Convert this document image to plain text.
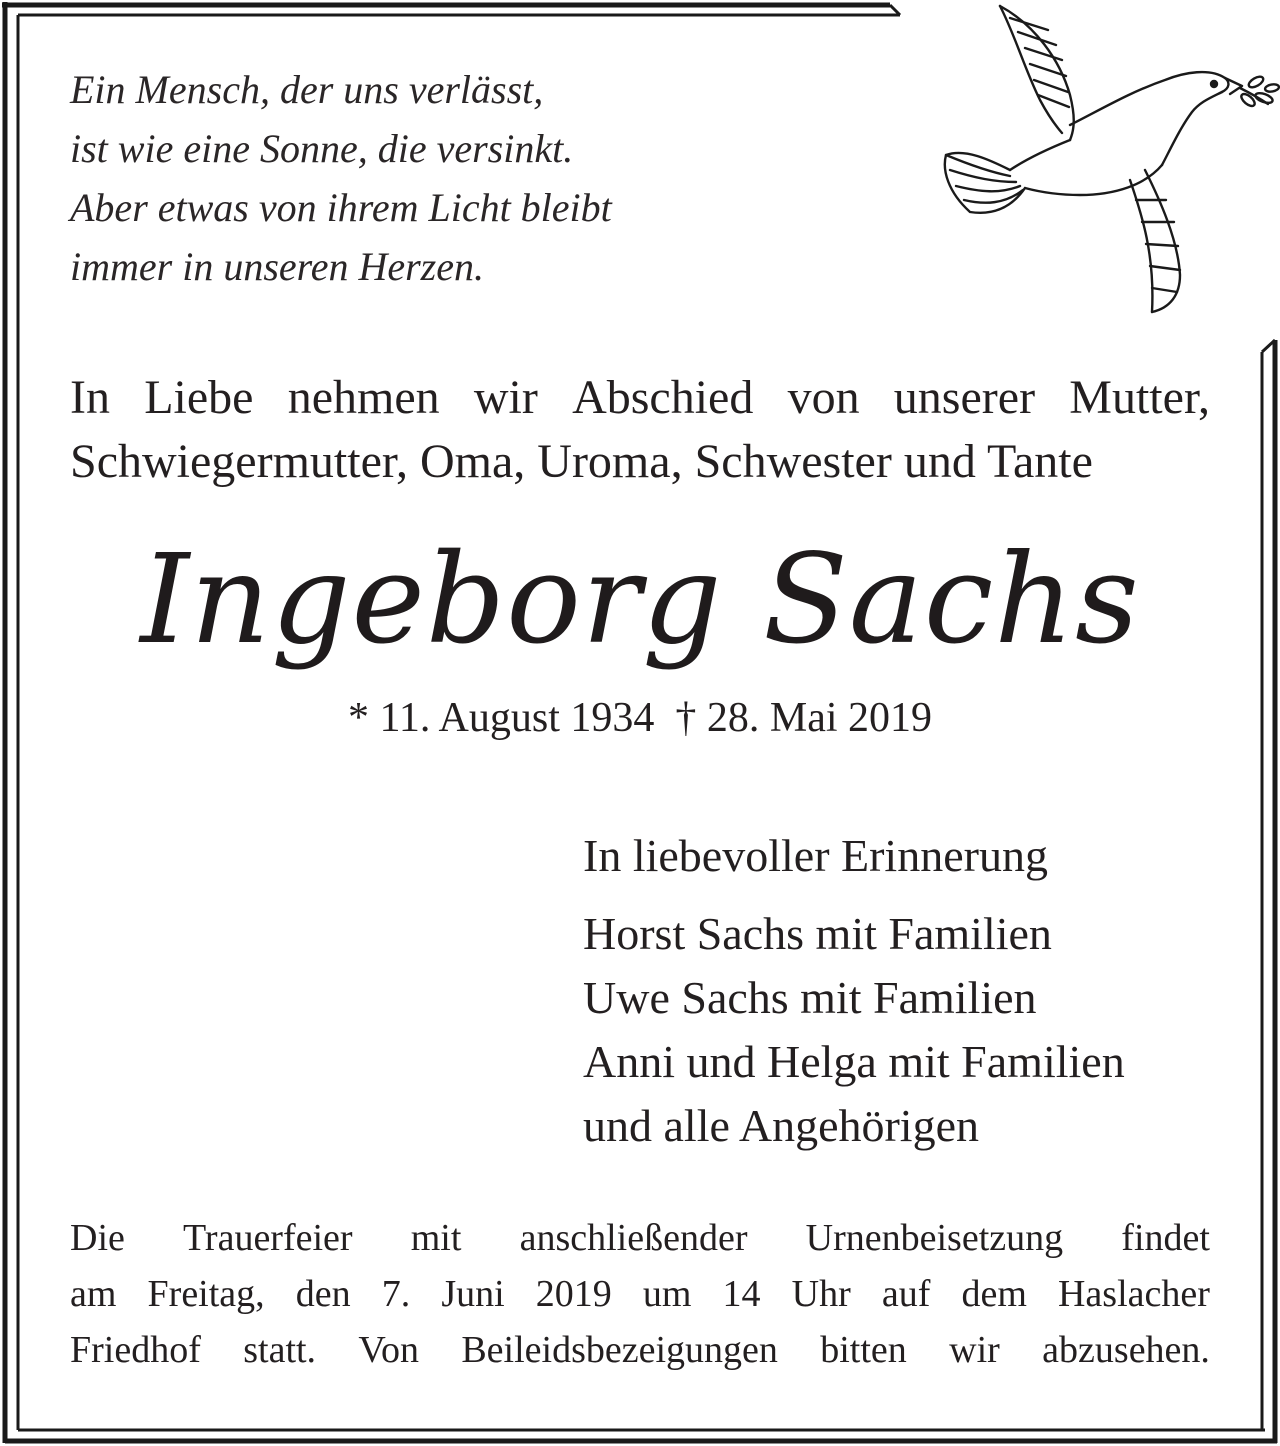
Ein Mensch, der uns verlässt,
ist wie eine Sonne, die versinkt.
Aber etwas von ihrem Licht bleibt
immer in unseren Herzen.
In Liebe nehmen wir Abschied von unserer Mutter,
Schwiegermutter, Oma, Uroma, Schwester und Tante
Ingeborg Sachs
* 11. August 1934  † 28. Mai 2019
In liebevoller Erinnerung
Horst Sachs mit Familien
Uwe Sachs mit Familien
Anni und Helga mit Familien
und alle Angehörigen
Die Trauerfeier mit anschließender Urnenbeisetzung findet
am Freitag, den 7. Juni 2019 um 14 Uhr auf dem Haslacher
Friedhof statt. Von Beileidsbezeigungen bitten wir abzusehen.
